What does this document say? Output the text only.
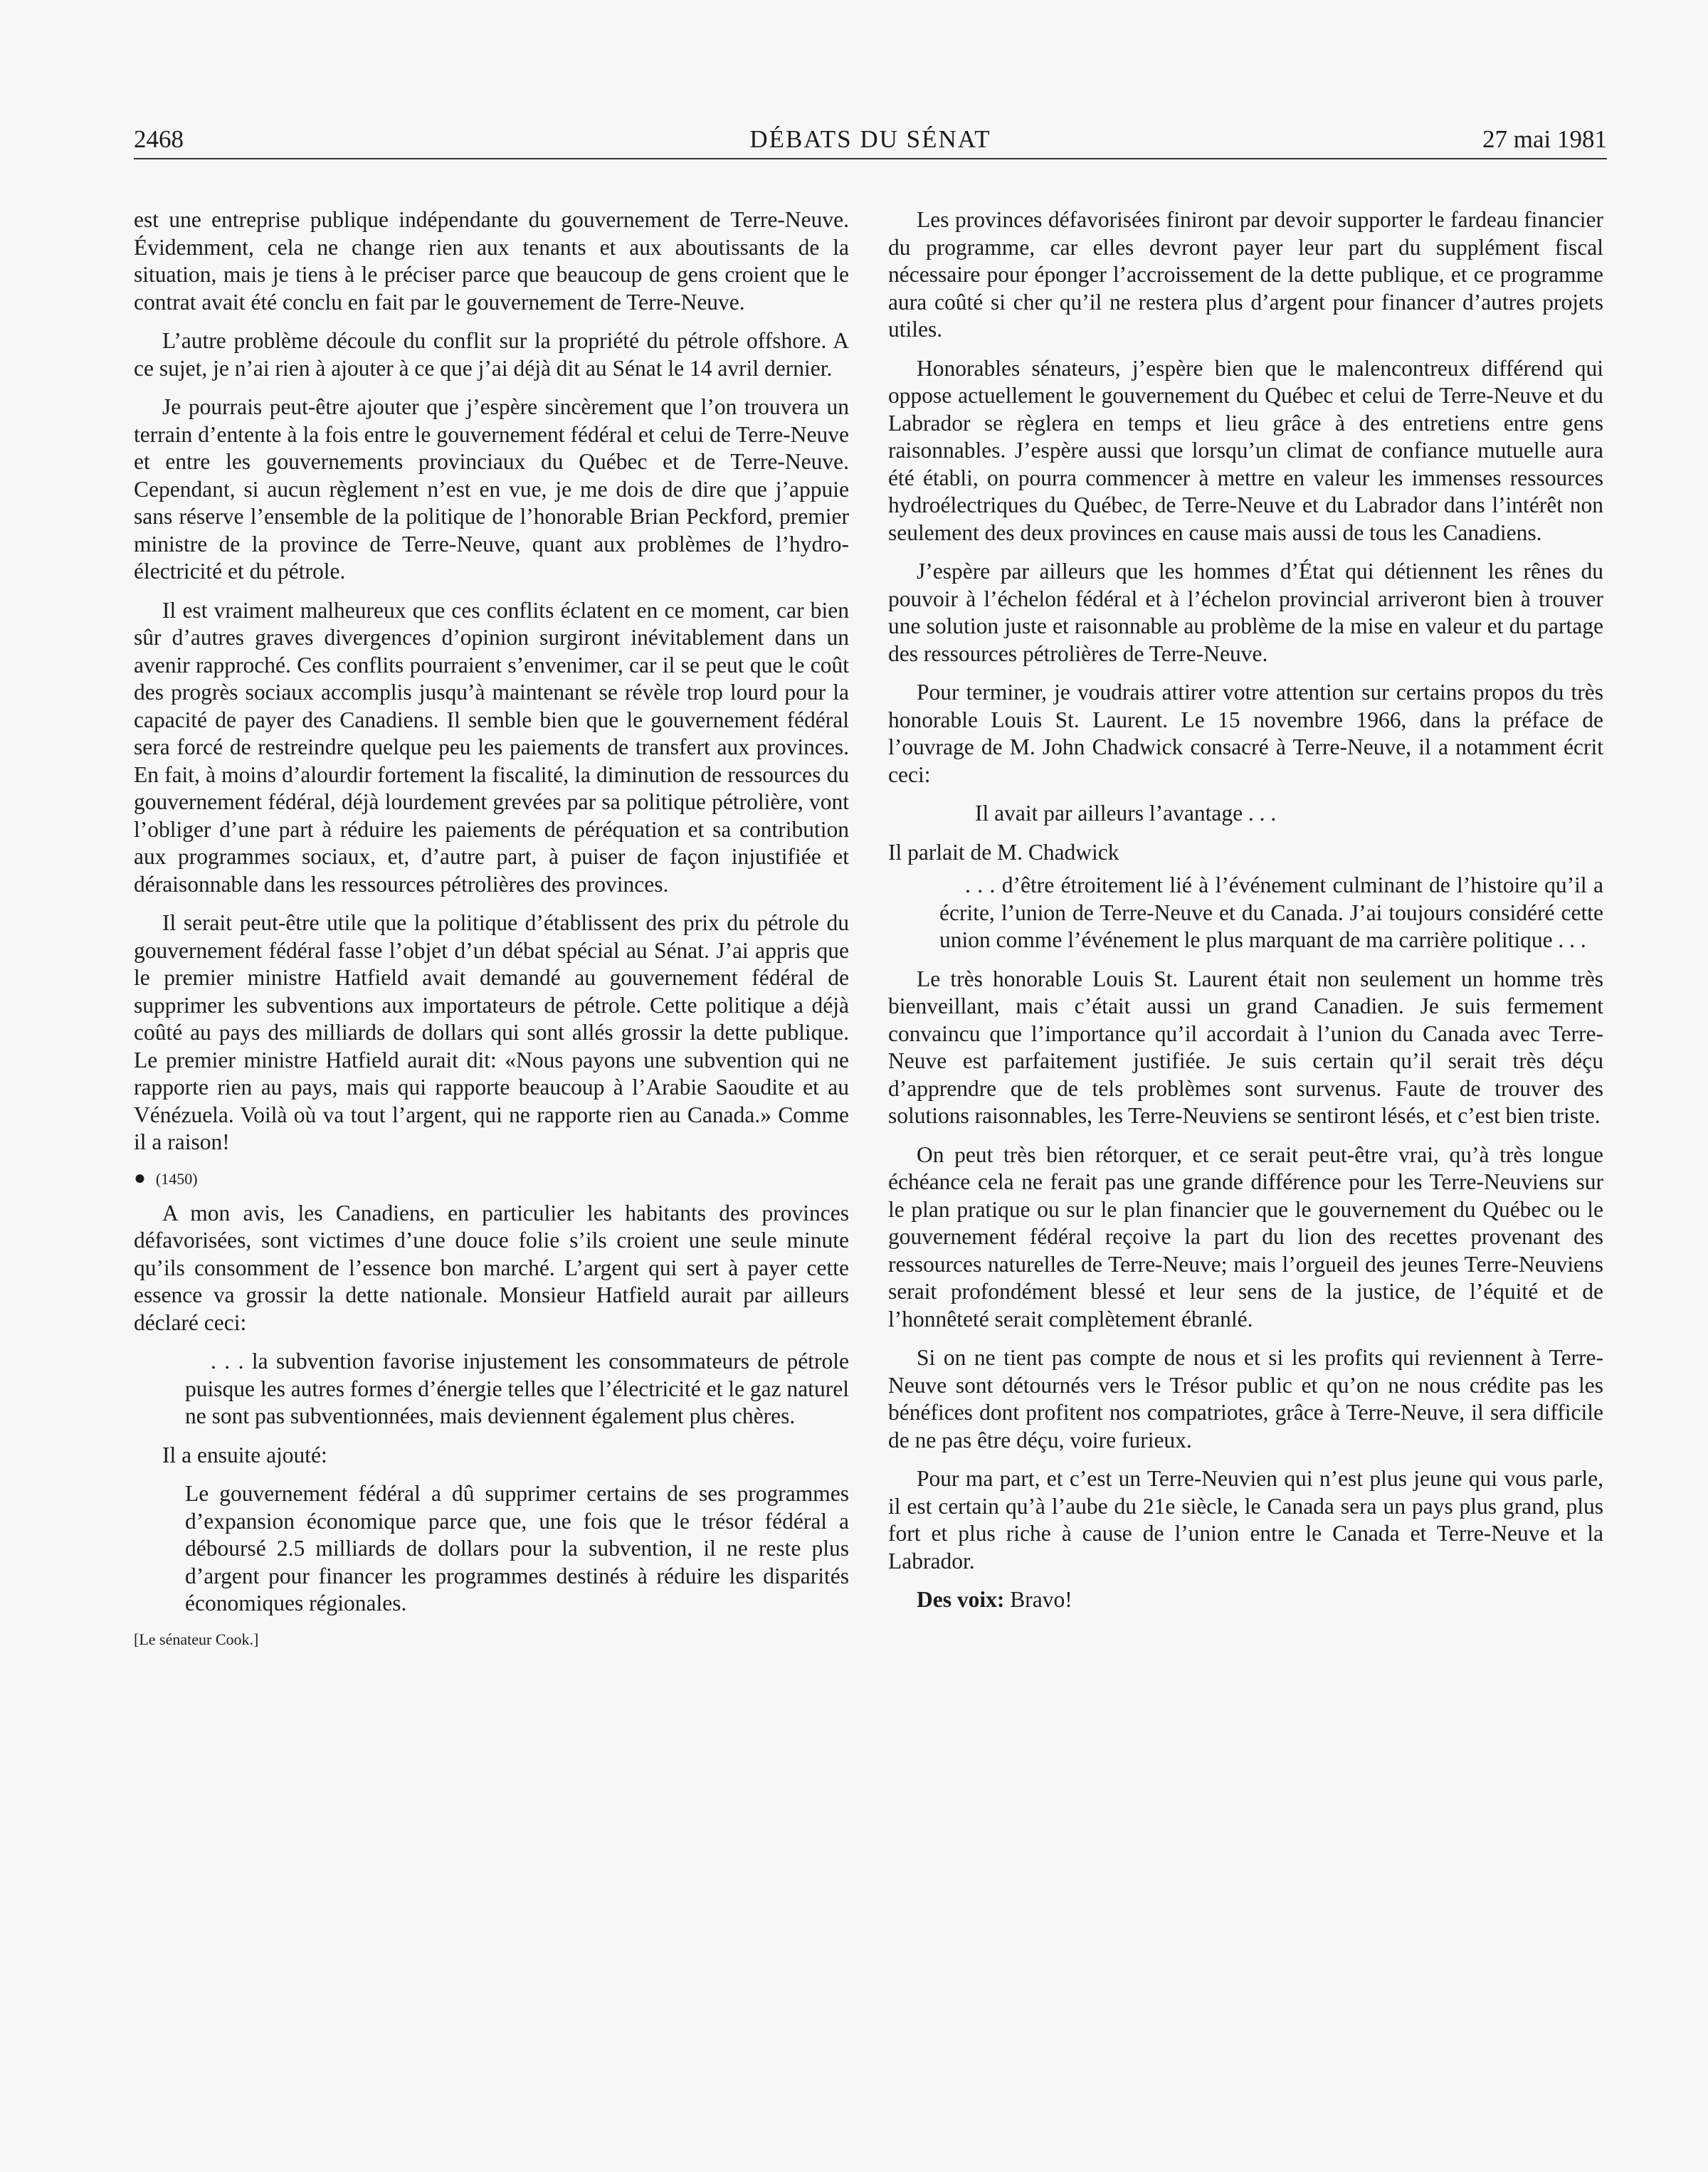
2468	DÉBATS DU SÉNAT	27 mai 1981

est une entreprise publique indépendante du gouvernement de Terre-Neuve. Évidemment, cela ne change rien aux tenants et aux aboutissants de la situation, mais je tiens à le préciser parce que beaucoup de gens croient que le contrat avait été conclu en fait par le gouvernement de Terre-Neuve.

L’autre problème découle du conflit sur la propriété du pétrole offshore. A ce sujet, je n’ai rien à ajouter à ce que j’ai déjà dit au Sénat le 14 avril dernier.

Je pourrais peut-être ajouter que j’espère sincèrement que l’on trouvera un terrain d’entente à la fois entre le gouvernement fédéral et celui de Terre-Neuve et entre les gouvernements provinciaux du Québec et de Terre-Neuve. Cependant, si aucun règlement n’est en vue, je me dois de dire que j’appuie sans réserve l’ensemble de la politique de l’honorable Brian Peckford, premier ministre de la province de Terre-Neuve, quant aux problèmes de l’hydro-électricité et du pétrole.

Il est vraiment malheureux que ces conflits éclatent en ce moment, car bien sûr d’autres graves divergences d’opinion surgiront inévitablement dans un avenir rapproché. Ces conflits pourraient s’envenimer, car il se peut que le coût des progrès sociaux accomplis jusqu’à maintenant se révèle trop lourd pour la capacité de payer des Canadiens. Il semble bien que le gouvernement fédéral sera forcé de restreindre quelque peu les paiements de transfert aux provinces. En fait, à moins d’alourdir fortement la fiscalité, la diminution de ressources du gouvernement fédéral, déjà lourdement grevées par sa politique pétrolière, vont l’obliger d’une part à réduire les paiements de péréquation et sa contribution aux programmes sociaux, et, d’autre part, à puiser de façon injustifiée et déraisonnable dans les ressources pétrolières des provinces.

Il serait peut-être utile que la politique d’établissent des prix du pétrole du gouvernement fédéral fasse l’objet d’un débat spécial au Sénat. J’ai appris que le premier ministre Hatfield avait demandé au gouvernement fédéral de supprimer les subventions aux importateurs de pétrole. Cette politique a déjà coûté au pays des milliards de dollars qui sont allés grossir la dette publique. Le premier ministre Hatfield aurait dit: «Nous payons une subvention qui ne rapporte rien au pays, mais qui rapporte beaucoup à l’Arabie Saoudite et au Vénézuela. Voilà où va tout l’argent, qui ne rapporte rien au Canada.» Comme il a raison!

● (1450)

A mon avis, les Canadiens, en particulier les habitants des provinces défavorisées, sont victimes d’une douce folie s’ils croient une seule minute qu’ils consomment de l’essence bon marché. L’argent qui sert à payer cette essence va grossir la dette nationale. Monsieur Hatfield aurait par ailleurs déclaré ceci:

. . . la subvention favorise injustement les consommateurs de pétrole puisque les autres formes d’énergie telles que l’électricité et le gaz naturel ne sont pas subventionnées, mais deviennent également plus chères.

Il a ensuite ajouté:

Le gouvernement fédéral a dû supprimer certains de ses programmes d’expansion économique parce que, une fois que le trésor fédéral a déboursé 2.5 milliards de dollars pour la subvention, il ne reste plus d’argent pour financer les programmes destinés à réduire les disparités économiques régionales.

[Le sénateur Cook.]

Les provinces défavorisées finiront par devoir supporter le fardeau financier du programme, car elles devront payer leur part du supplément fiscal nécessaire pour éponger l’accroissement de la dette publique, et ce programme aura coûté si cher qu’il ne restera plus d’argent pour financer d’autres projets utiles.

Honorables sénateurs, j’espère bien que le malencontreux différend qui oppose actuellement le gouvernement du Québec et celui de Terre-Neuve et du Labrador se règlera en temps et lieu grâce à des entretiens entre gens raisonnables. J’espère aussi que lorsqu’un climat de confiance mutuelle aura été établi, on pourra commencer à mettre en valeur les immenses ressources hydroélectriques du Québec, de Terre-Neuve et du Labrador dans l’intérêt non seulement des deux provinces en cause mais aussi de tous les Canadiens.

J’espère par ailleurs que les hommes d’État qui détiennent les rênes du pouvoir à l’échelon fédéral et à l’échelon provincial arriveront bien à trouver une solution juste et raisonnable au problème de la mise en valeur et du partage des ressources pétrolières de Terre-Neuve.

Pour terminer, je voudrais attirer votre attention sur certains propos du très honorable Louis St. Laurent. Le 15 novembre 1966, dans la préface de l’ouvrage de M. John Chadwick consacré à Terre-Neuve, il a notamment écrit ceci:

Il avait par ailleurs l’avantage . . .

Il parlait de M. Chadwick

. . . d’être étroitement lié à l’événement culminant de l’histoire qu’il a écrite, l’union de Terre-Neuve et du Canada. J’ai toujours considéré cette union comme l’événement le plus marquant de ma carrière politique . . .

Le très honorable Louis St. Laurent était non seulement un homme très bienveillant, mais c’était aussi un grand Canadien. Je suis fermement convaincu que l’importance qu’il accordait à l’union du Canada avec Terre-Neuve est parfaitement justifiée. Je suis certain qu’il serait très déçu d’apprendre que de tels problèmes sont survenus. Faute de trouver des solutions raisonnables, les Terre-Neuviens se sentiront lésés, et c’est bien triste.

On peut très bien rétorquer, et ce serait peut-être vrai, qu’à très longue échéance cela ne ferait pas une grande différence pour les Terre-Neuviens sur le plan pratique ou sur le plan financier que le gouvernement du Québec ou le gouvernement fédéral reçoive la part du lion des recettes provenant des ressources naturelles de Terre-Neuve; mais l’orgueil des jeunes Terre-Neuviens serait profondément blessé et leur sens de la justice, de l’équité et de l’honnêteté serait complètement ébranlé.

Si on ne tient pas compte de nous et si les profits qui reviennent à Terre-Neuve sont détournés vers le Trésor public et qu’on ne nous crédite pas les bénéfices dont profitent nos compatriotes, grâce à Terre-Neuve, il sera difficile de ne pas être déçu, voire furieux.

Pour ma part, et c’est un Terre-Neuvien qui n’est plus jeune qui vous parle, il est certain qu’à l’aube du 21e siècle, le Canada sera un pays plus grand, plus fort et plus riche à cause de l’union entre le Canada et Terre-Neuve et la Labrador.

Des voix: Bravo!
